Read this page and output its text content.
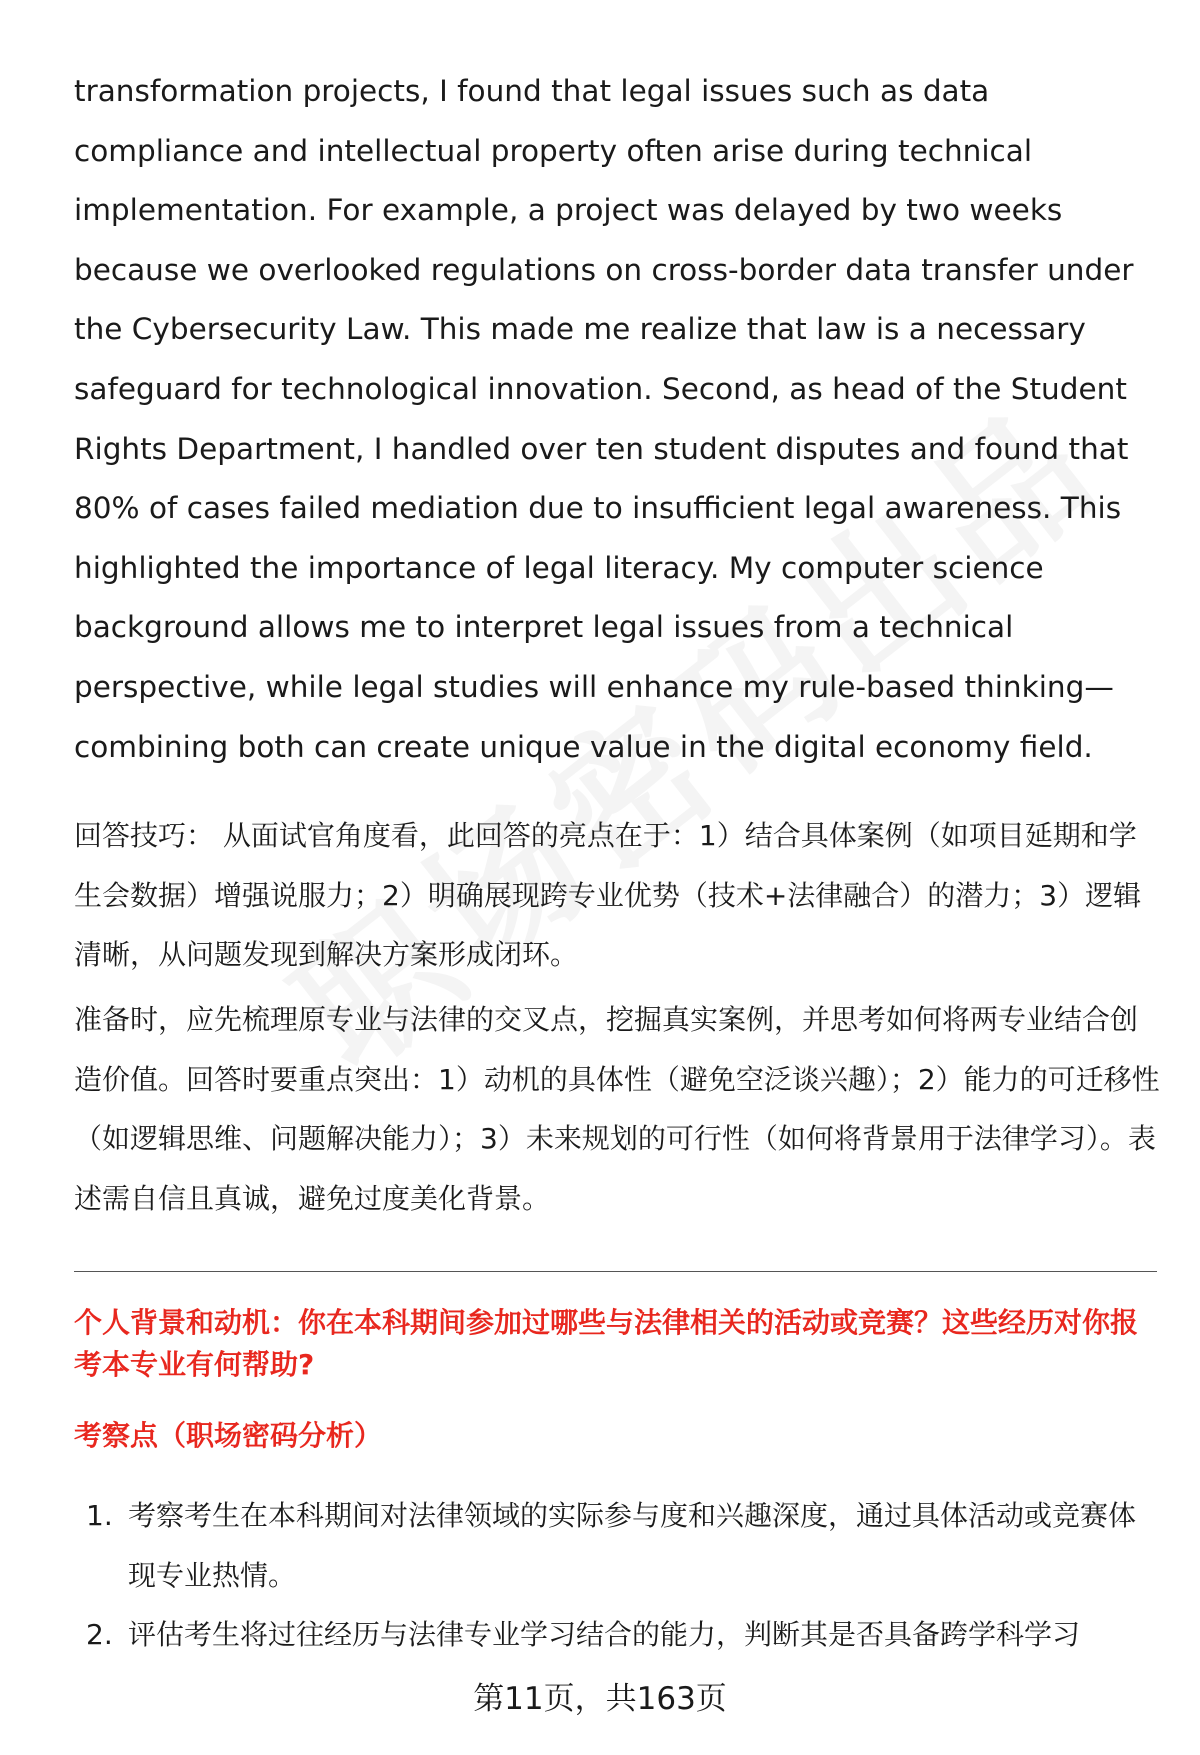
transformation projects, I found that legal issues such as data compliance and intellectual property often arise during technical implementation. For example, a project was delayed by two weeks because we overlooked regulations on cross-border data transfer under the Cybersecurity Law. This made me realize that law is a necessary safeguard for technological innovation. Second, as head of the Student Rights Department, I handled over ten student disputes and found that 80% of cases failed mediation due to insufficient legal awareness. This highlighted the importance of legal literacy. My computer science background allows me to interpret legal issues from a technical perspective, while legal studies will enhance my rule-based thinking—combining both can create unique value in the digital economy field.

回答技巧： 从面试官角度看，此回答的亮点在于：1）结合具体案例（如项目延期和学生会数据）增强说服力；2）明确展现跨专业优势（技术+法律融合）的潜力；3）逻辑清晰，从问题发现到解决方案形成闭环。

准备时，应先梳理原专业与法律的交叉点，挖掘真实案例，并思考如何将两专业结合创造价值。回答时要重点突出：1）动机的具体性（避免空泛谈兴趣）；2）能力的可迁移性（如逻辑思维、问题解决能力）；3）未来规划的可行性（如何将背景用于法律学习）。表述需自信且真诚，避免过度美化背景。

个人背景和动机：你在本科期间参加过哪些与法律相关的活动或竞赛？这些经历对你报考本专业有何帮助?

考察点（职场密码分析）

1. 考察考生在本科期间对法律领域的实际参与度和兴趣深度，通过具体活动或竞赛体现专业热情。
2. 评估考生将过往经历与法律专业学习结合的能力，判断其是否具备跨学科学习

第11页，共163页
